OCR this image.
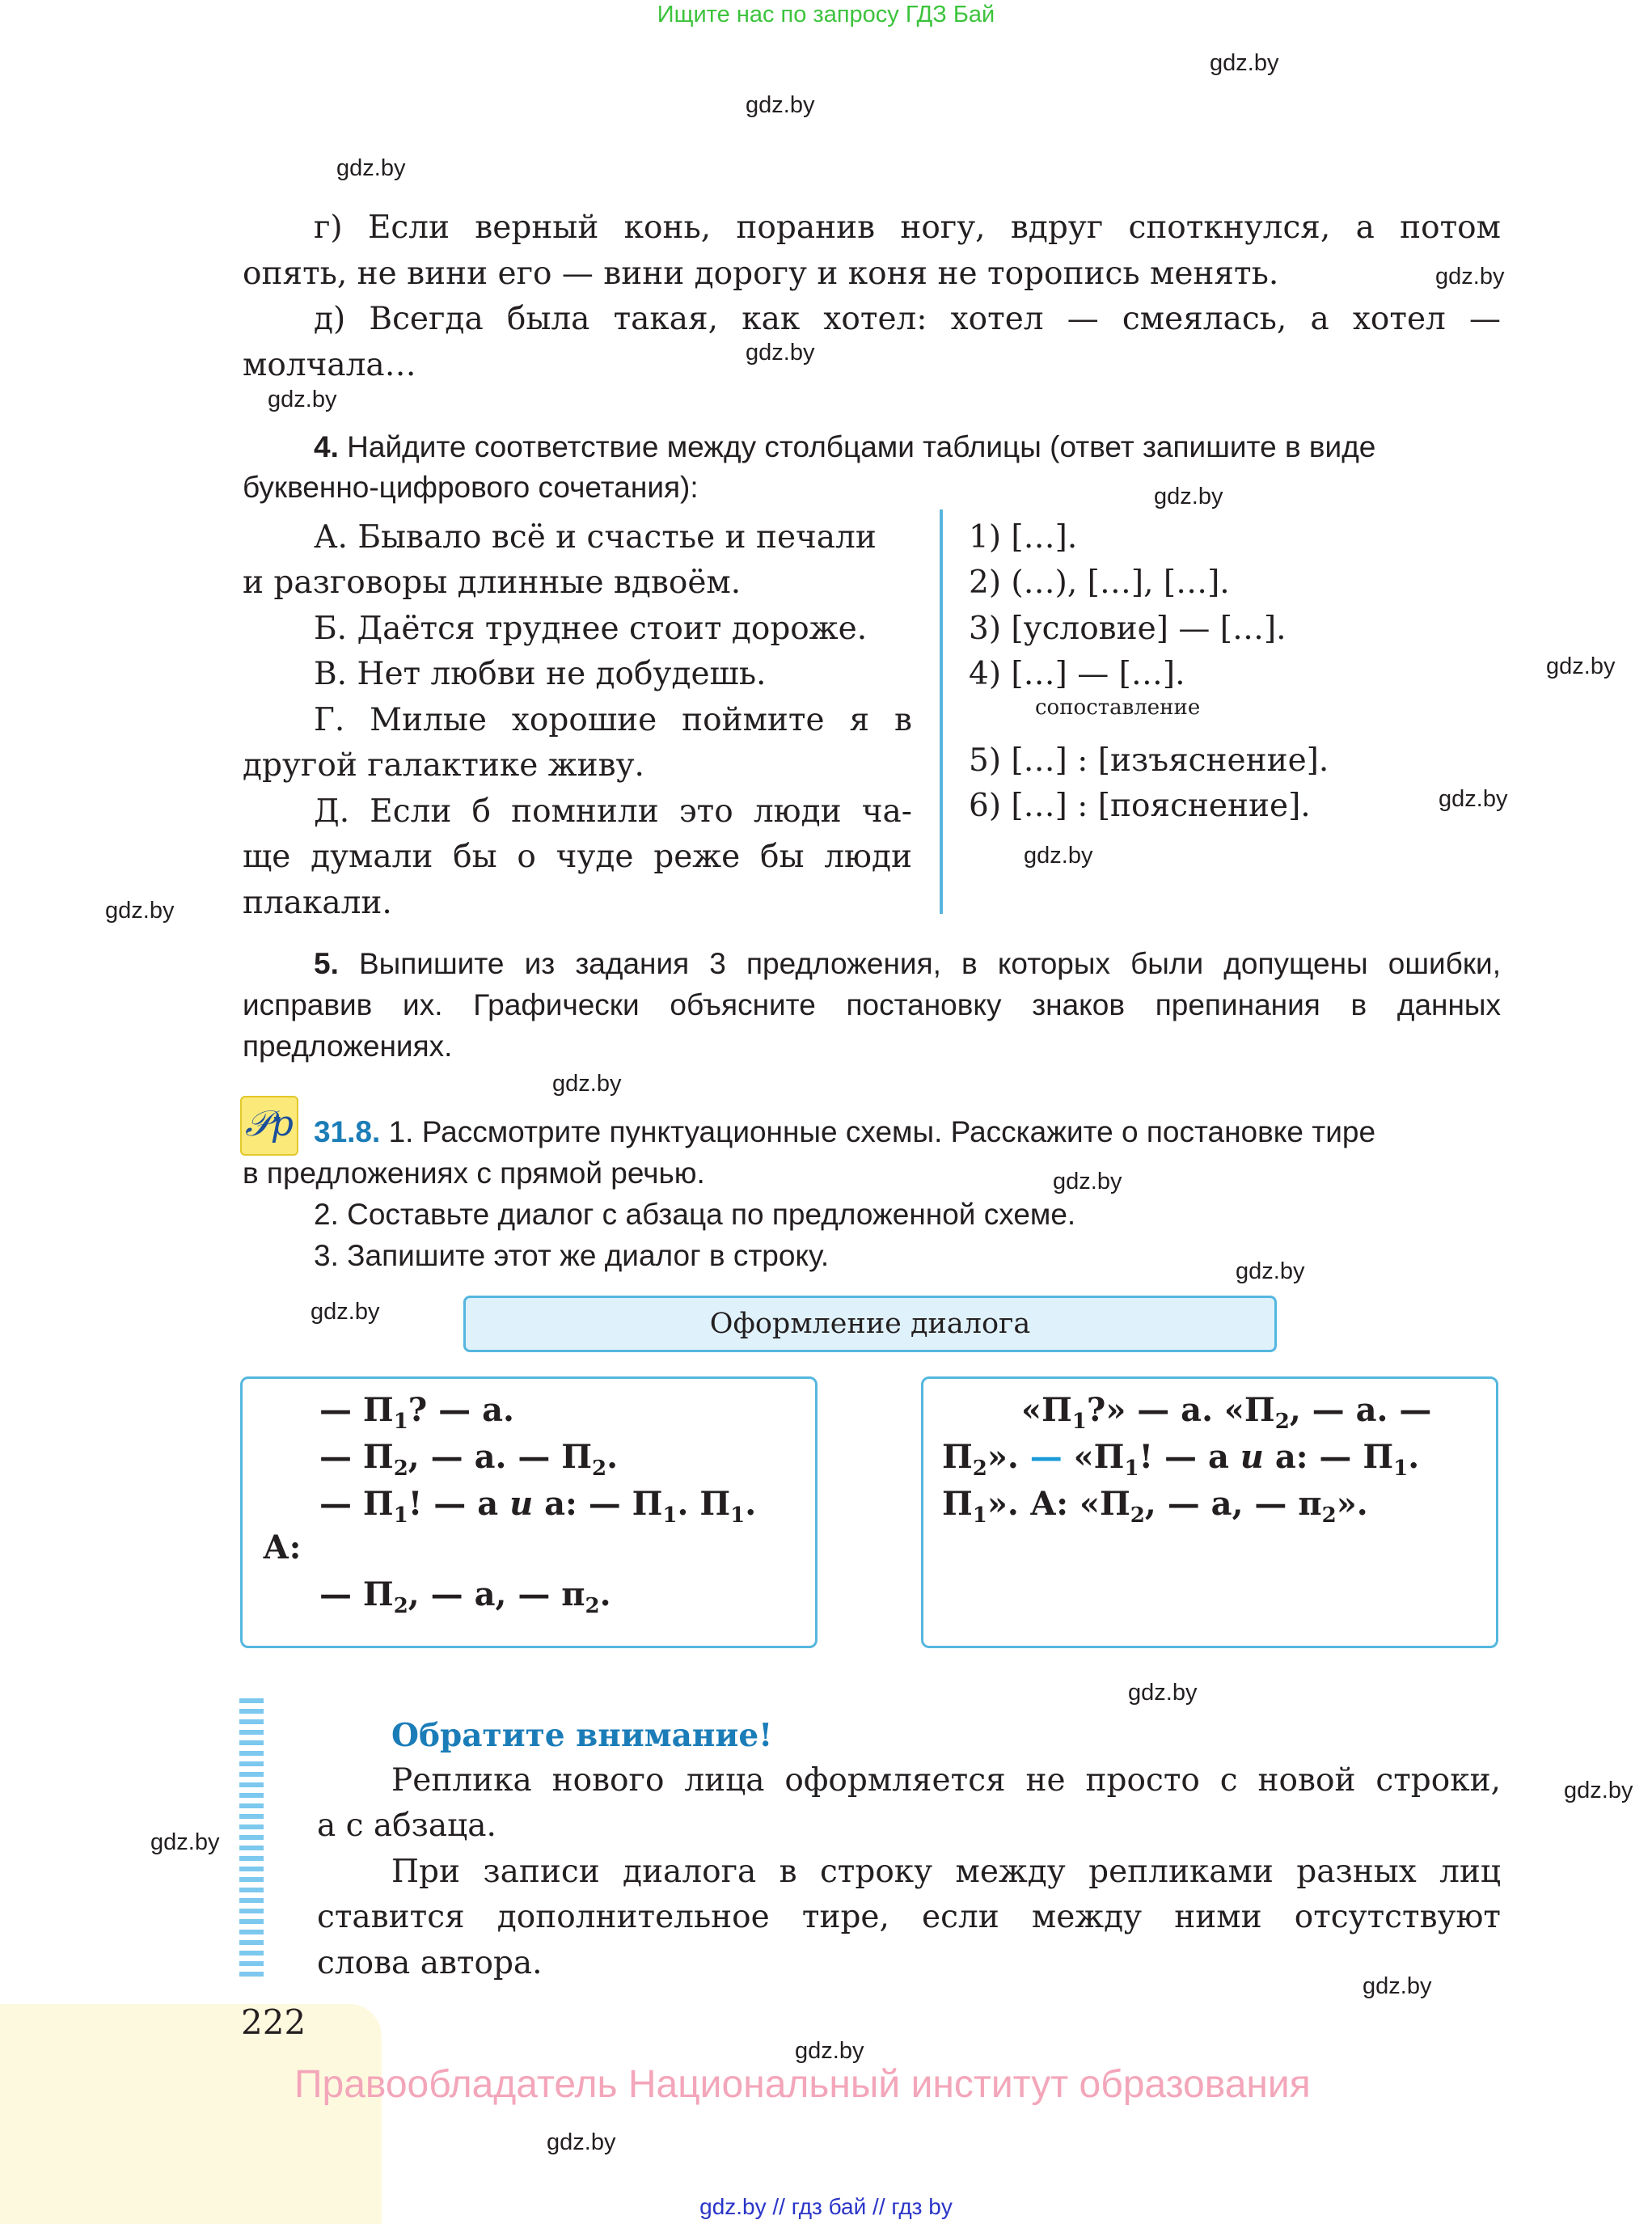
Ищите нас по запросу ГДЗ Бай
gdz.by
gdz.by
gdz.by
gdz.by
gdz.by
gdz.by
gdz.by
gdz.by
gdz.by
gdz.by
gdz.by
gdz.by
gdz.by
gdz.by
gdz.by
gdz.by
gdz.by
gdz.by
gdz.by
gdz.by
gdz.by
г) Если верный конь, поранив ногу, вдруг споткнулся, а потом
опять, не вини его — вини дорогу и коня не торопись менять.
д) Всегда была такая, как хотел: хотел — смеялась, а хотел —
молчала…
4. Найдите соответствие между столбцами таблицы (ответ запишите в виде
буквенно-цифрового сочетания):
А. Бывало всё и счастье и печали
и разговоры длинные вдвоём.
Б. Даётся труднее стоит дороже.
В. Нет любви не добудешь.
Г. Милые хорошие поймите я в
другой галактике живу.
Д. Если б помнили это люди ча-
ще думали бы о чуде реже бы люди
плакали.
1) […].
2) (…), […], […].
3) [условие] — […].
4) […] — […].
сопоставление
5) […] : [изъяснение].
6) […] : [пояснение].
5. Выпишите из задания 3 предложения, в которых были допущены ошибки,
исправив их. Графически объясните постановку знаков препинания в данных
предложениях.
𝒫p 31.8. 1. Рассмотрите пунктуационные схемы. Расскажите о постановке тире
в предложениях с прямой речью.
2. Составьте диалог с абзаца по предложенной схеме.
3. Запишите этот же диалог в строку.
Оформление диалога
— $П_1$? — а.
— $П_2$, — а. — $П_2$.
— $П_1$! — а и а: — $П_1$. $П_1$.
А:
— $П_2$, — а, — $п_2$.
«$П_1$?» — а. «$П_2$, — а. —
$П_2$». — «$П_1$! — а и а: — $П_1$.
$П_1$». А: «$П_2$, — а, — $п_2$».
Обратите внимание!
Реплика нового лица оформляется не просто с новой строки,
а с абзаца.
При записи диалога в строку между репликами разных лиц
ставится дополнительное тире, если между ними отсутствуют
слова автора.
222
Правообладатель Национальный институт образования
gdz.by // гдз бай // гдз by
